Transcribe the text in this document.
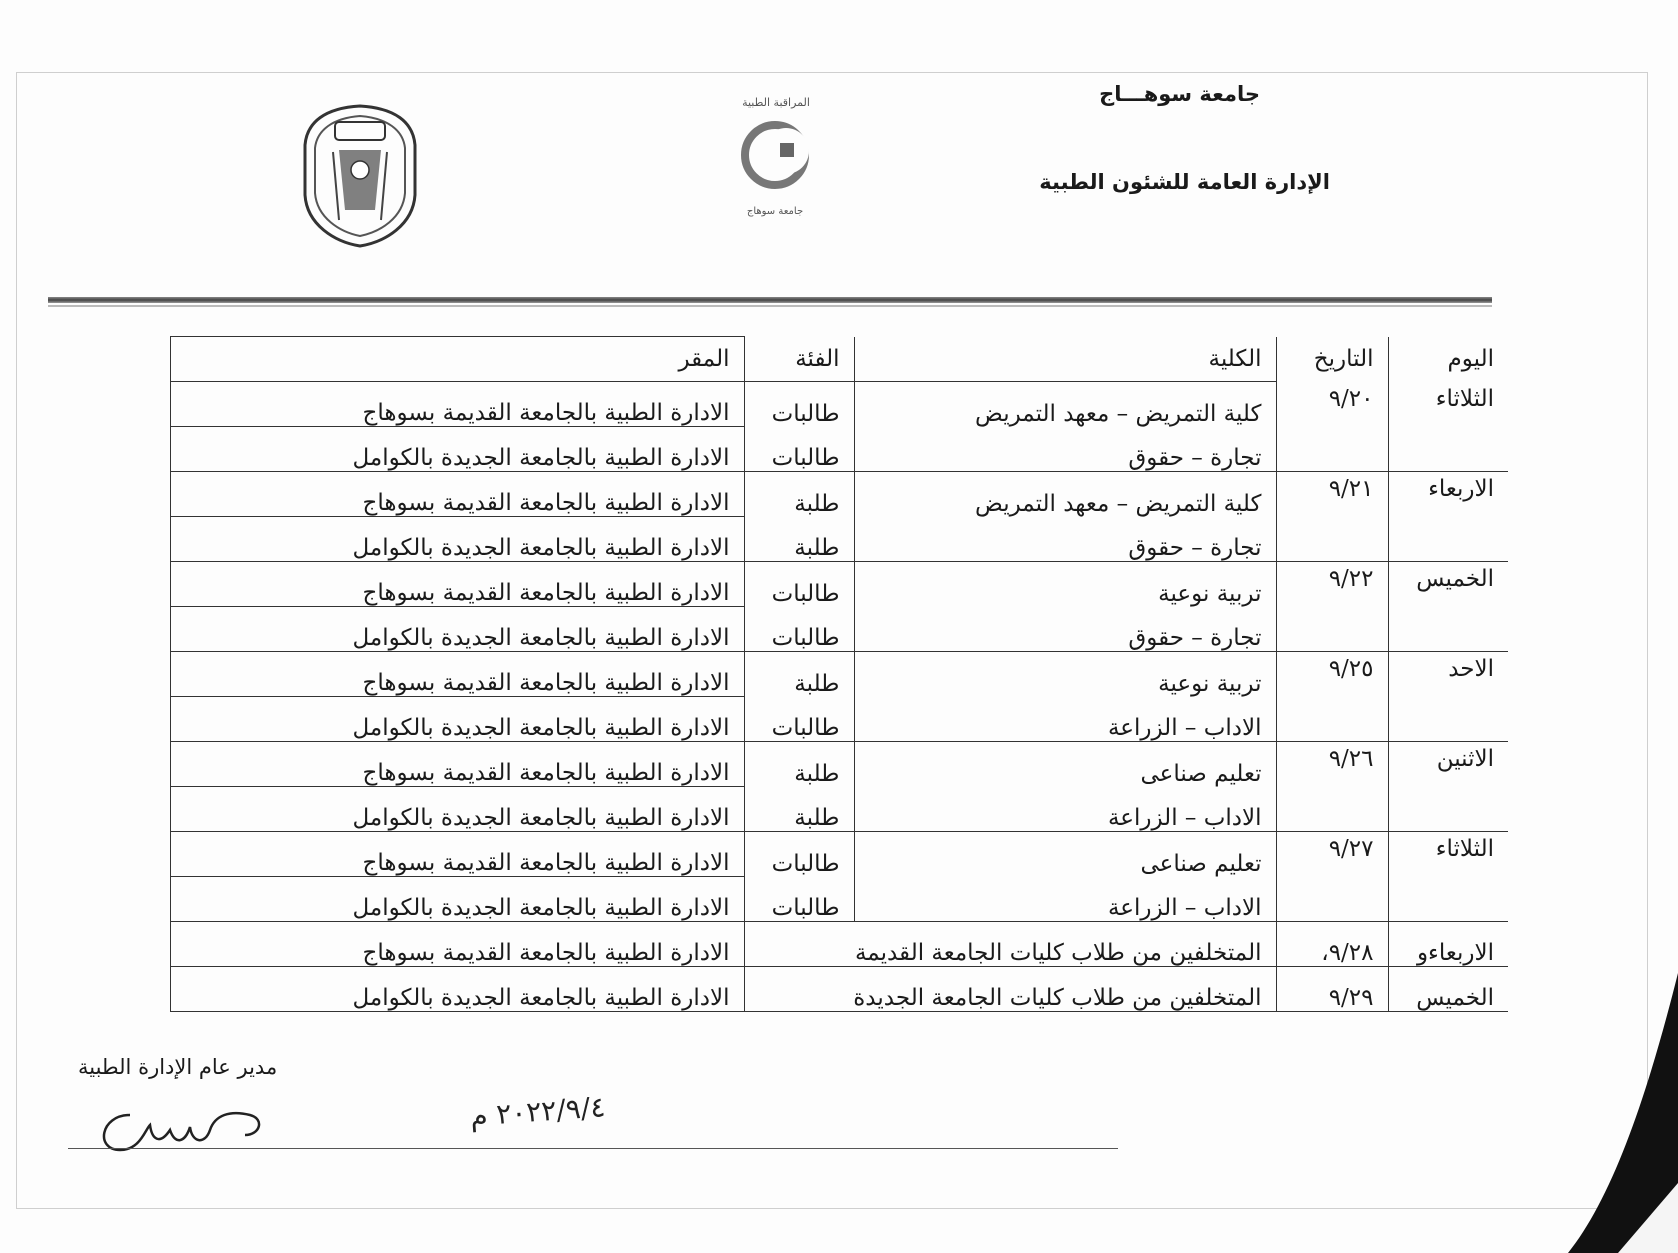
جامعة سوهـــاج
الإدارة العامة للشئون الطبية
المراقبة الطبية
جامعة سوهاج
اليوم	التاريخ	الكلية	الفئة	المقر
الثلاثاء	٩/٢٠	كلية التمريض – معهد التمريض	طالبات	الادارة الطبية بالجامعة القديمة بسوهاج
		تجارة – حقوق	طالبات	الادارة الطبية بالجامعة الجديدة بالكوامل
الاربعاء	٩/٢١	كلية التمريض – معهد التمريض	طلبة	الادارة الطبية بالجامعة القديمة بسوهاج
		تجارة – حقوق	طلبة	الادارة الطبية بالجامعة الجديدة بالكوامل
الخميس	٩/٢٢	تربية نوعية	طالبات	الادارة الطبية بالجامعة القديمة بسوهاج
		تجارة – حقوق	طالبات	الادارة الطبية بالجامعة الجديدة بالكوامل
الاحد	٩/٢٥	تربية نوعية	طلبة	الادارة الطبية بالجامعة القديمة بسوهاج
		الاداب – الزراعة	طالبات	الادارة الطبية بالجامعة الجديدة بالكوامل
الاثنين	٩/٢٦	تعليم صناعى	طلبة	الادارة الطبية بالجامعة القديمة بسوهاج
		الاداب – الزراعة	طلبة	الادارة الطبية بالجامعة الجديدة بالكوامل
الثلاثاء	٩/٢٧	تعليم صناعى	طالبات	الادارة الطبية بالجامعة القديمة بسوهاج
		الاداب – الزراعة	طالبات	الادارة الطبية بالجامعة الجديدة بالكوامل
الاربعاءو	٩/٢٨،	المتخلفين من طلاب كليات الجامعة القديمة		الادارة الطبية بالجامعة القديمة بسوهاج
الخميس	٩/٢٩	المتخلفين من طلاب كليات الجامعة الجديدة		الادارة الطبية بالجامعة الجديدة بالكوامل
مدير عام الإدارة الطبية
٢٠٢٢/٩/٤ م
